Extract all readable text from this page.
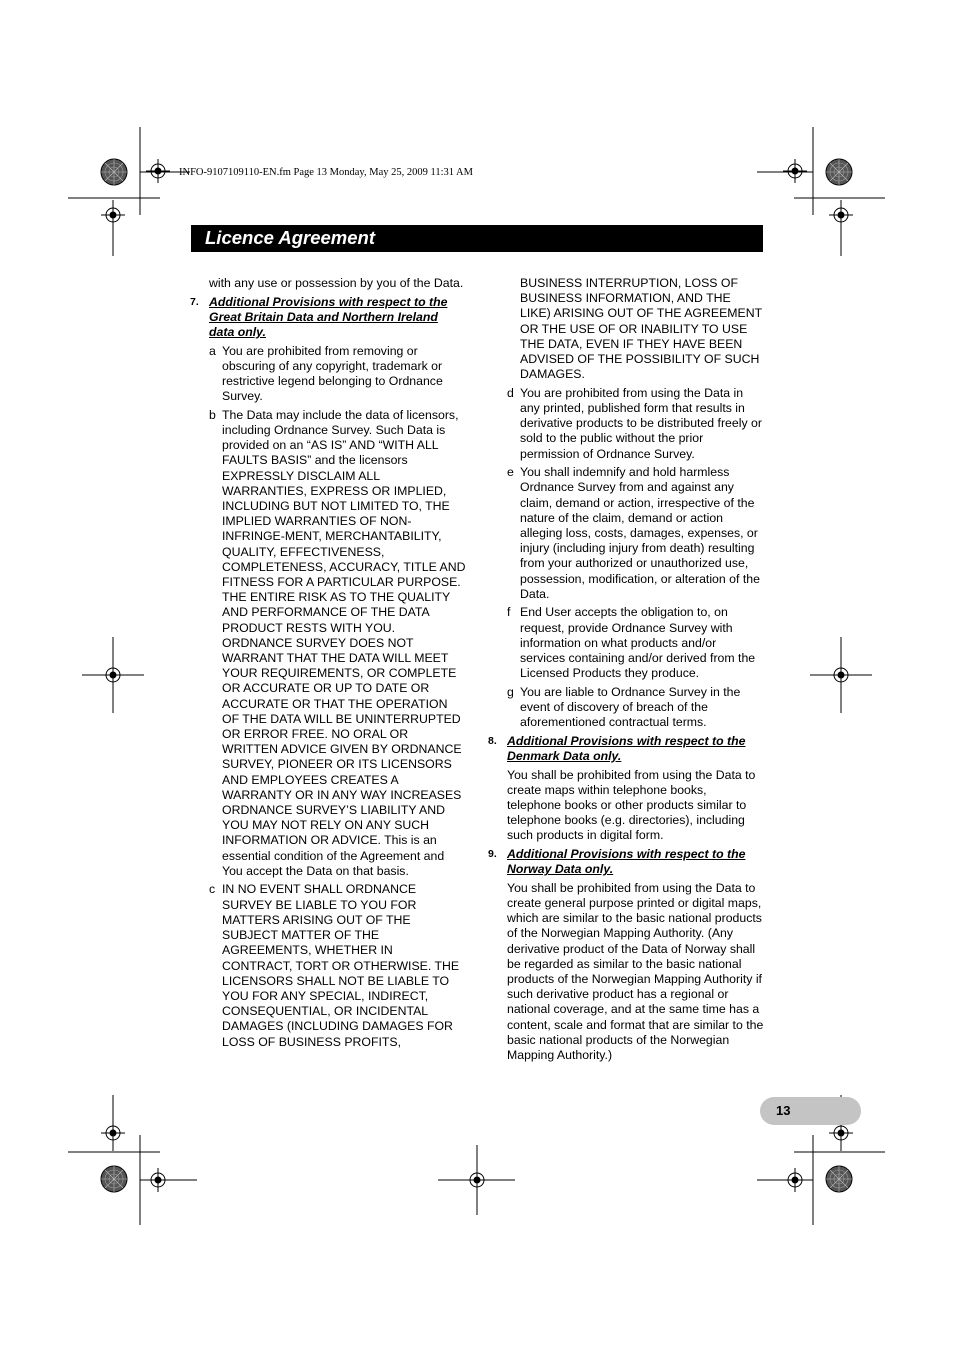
INFO-9107109110-EN.fm Page 13 Monday, May 25, 2009 11:31 AM
Licence Agreement
with any use or possession by you of the Data.
7. Additional Provisions with respect to the Great Britain Data and Northern Ireland data only.
a You are prohibited from removing or obscuring of any copyright, trademark or restrictive legend belonging to Ordnance Survey.
b The Data may include the data of licensors, including Ordnance Survey. Such Data is provided on an “AS IS” AND “WITH ALL FAULTS BASIS” and the licensors EXPRESSLY DISCLAIM ALL WARRANTIES, EXPRESS OR IMPLIED, INCLUDING BUT NOT LIMITED TO, THE IMPLIED WARRANTIES OF NON-INFRINGE-MENT, MERCHANTABILITY, QUALITY, EFFECTIVENESS, COMPLETENESS, ACCURACY, TITLE AND FITNESS FOR A PARTICULAR PURPOSE. THE ENTIRE RISK AS TO THE QUALITY AND PERFORMANCE OF THE DATA PRODUCT RESTS WITH YOU. ORDNANCE SURVEY DOES NOT WARRANT THAT THE DATA WILL MEET YOUR REQUIREMENTS, OR COMPLETE OR ACCURATE OR UP TO DATE OR ACCURATE OR THAT THE OPERATION OF THE DATA WILL BE UNINTERRUPTED OR ERROR FREE. NO ORAL OR WRITTEN ADVICE GIVEN BY ORDNANCE SURVEY, PIONEER OR ITS LICENSORS AND EMPLOYEES CREATES A WARRANTY OR IN ANY WAY INCREASES ORDNANCE SURVEY’S LIABILITY AND YOU MAY NOT RELY ON ANY SUCH INFORMATION OR ADVICE. This is an essential condition of the Agreement and You accept the Data on that basis.
c IN NO EVENT SHALL ORDNANCE SURVEY BE LIABLE TO YOU FOR MATTERS ARISING OUT OF THE SUBJECT MATTER OF THE AGREEMENTS, WHETHER IN CONTRACT, TORT OR OTHERWISE. THE LICENSORS SHALL NOT BE LIABLE TO YOU FOR ANY SPECIAL, INDIRECT, CONSEQUENTIAL, OR INCIDENTAL DAMAGES (INCLUDING DAMAGES FOR LOSS OF BUSINESS PROFITS,
BUSINESS INTERRUPTION, LOSS OF BUSINESS INFORMATION, AND THE LIKE) ARISING OUT OF THE AGREEMENT OR THE USE OF OR INABILITY TO USE THE DATA, EVEN IF THEY HAVE BEEN ADVISED OF THE POSSIBILITY OF SUCH DAMAGES.
d You are prohibited from using the Data in any printed, published form that results in derivative products to be distributed freely or sold to the public without the prior permission of Ordnance Survey.
e You shall indemnify and hold harmless Ordnance Survey from and against any claim, demand or action, irrespective of the nature of the claim, demand or action alleging loss, costs, damages, expenses, or injury (including injury from death) resulting from your authorized or unauthorized use, possession, modification, or alteration of the Data.
f End User accepts the obligation to, on request, provide Ordnance Survey with information on what products and/or services containing and/or derived from the Licensed Products they produce.
g You are liable to Ordnance Survey in the event of discovery of breach of the aforementioned contractual terms.
8. Additional Provisions with respect to the Denmark Data only.
You shall be prohibited from using the Data to create maps within telephone books, telephone books or other products similar to telephone books (e.g. directories), including such products in digital form.
9. Additional Provisions with respect to the Norway Data only.
You shall be prohibited from using the Data to create general purpose printed or digital maps, which are similar to the basic national products of the Norwegian Mapping Authority. (Any derivative product of the Data of Norway shall be regarded as similar to the basic national products of the Norwegian Mapping Authority if such derivative product has a regional or national coverage, and at the same time has a content, scale and format that are similar to the basic national products of the Norwegian Mapping Authority.)
13
